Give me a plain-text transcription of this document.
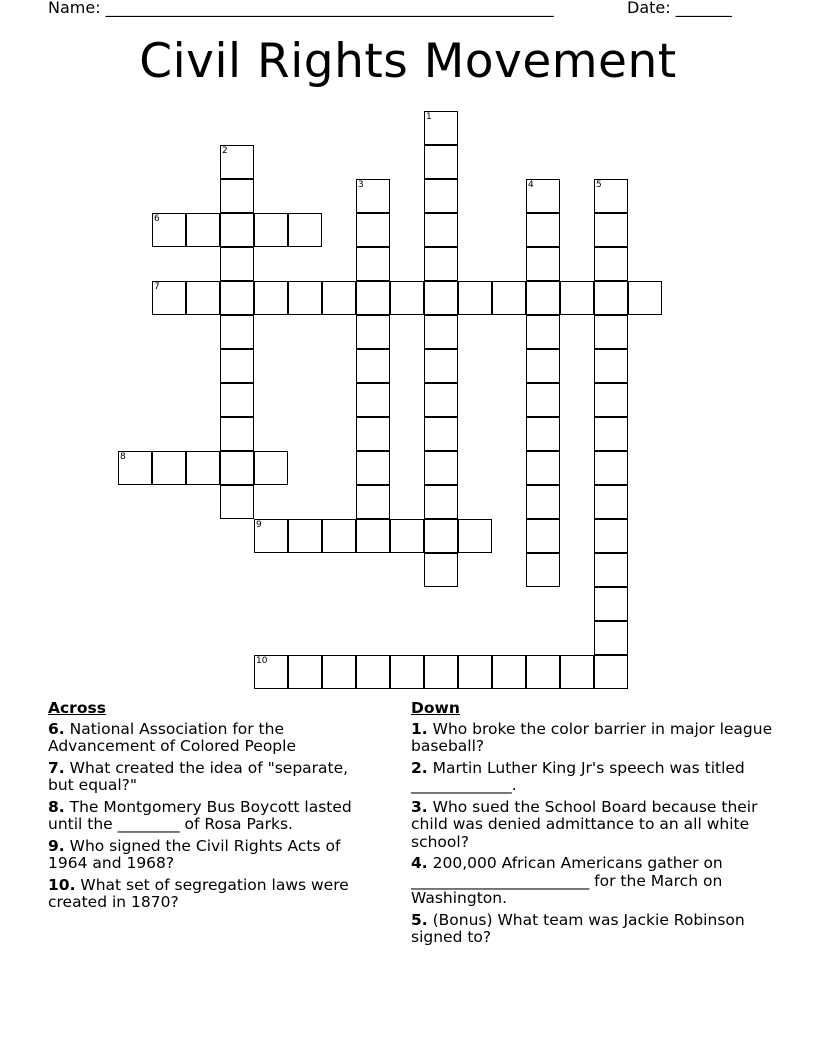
Name: ________________________________________________________	Date: _______
Civil Rights Movement
1
2
3	4	5
6
7
8
9
10
Across
6. National Association for the Advancement of Colored People
7. What created the idea of "separate, but equal?"
8. The Montgomery Bus Boycott lasted until the ________ of Rosa Parks.
9. Who signed the Civil Rights Acts of 1964 and 1968?
10. What set of segregation laws were created in 1870?
Down
1. Who broke the color barrier in major league baseball?
2. Martin Luther King Jr's speech was titled _____________.
3. Who sued the School Board because their child was denied admittance to an all white school?
4. 200,000 African Americans gather on _______________________ for the March on Washington.
5. (Bonus) What team was Jackie Robinson signed to?
